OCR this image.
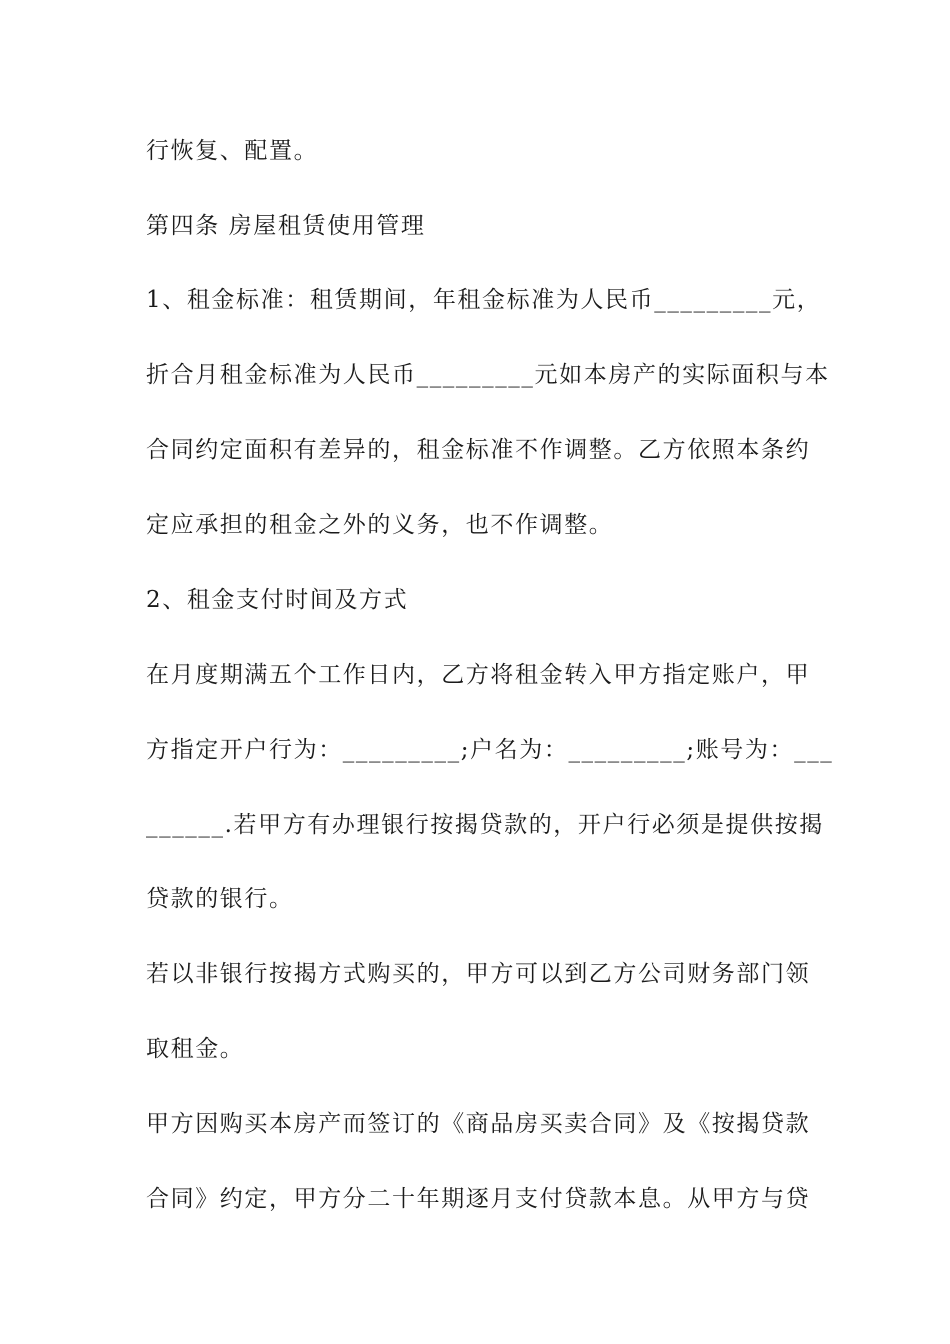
行恢复、配置。
第四条 房屋租赁使用管理
1、租金标准：租赁期间，年租金标准为人民币_________元，
折合月租金标准为人民币_________元如本房产的实际面积与本
合同约定面积有差异的，租金标准不作调整。乙方依照本条约
定应承担的租金之外的义务，也不作调整。
2、租金支付时间及方式
在月度期满五个工作日内，乙方将租金转入甲方指定账户，甲
方指定开户行为：_________;户名为：_________;账号为：___
______.若甲方有办理银行按揭贷款的，开户行必须是提供按揭
贷款的银行。
若以非银行按揭方式购买的，甲方可以到乙方公司财务部门领
取租金。
甲方因购买本房产而签订的《商品房买卖合同》及《按揭贷款
合同》约定，甲方分二十年期逐月支付贷款本息。从甲方与贷
